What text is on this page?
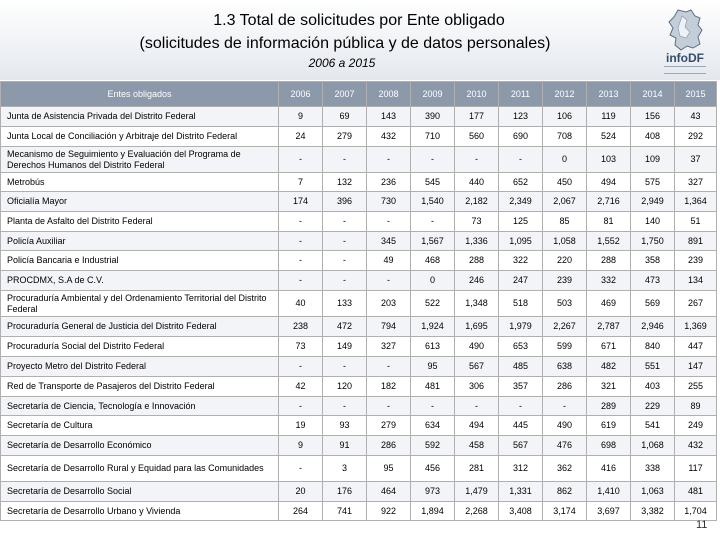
1.3 Total de solicitudes por Ente obligado
(solicitudes de información pública y de datos personales)
2006 a 2015	infoDF
Entes obligados	2006	2007	2008	2009	2010	2011	2012	2013	2014	2015
Junta de Asistencia Privada del Distrito Federal	9	69	143	390	177	123	106	119	156	43
Junta Local de Conciliación y Arbitraje del Distrito Federal	24	279	432	710	560	690	708	524	408	292
Mecanismo de Seguimiento y Evaluación del Programa de Derechos Humanos del Distrito Federal	-	-	-	-	-	-	0	103	109	37
Metrobús	7	132	236	545	440	652	450	494	575	327
Oficialía Mayor	174	396	730	1,540	2,182	2,349	2,067	2,716	2,949	1,364
Planta de Asfalto del Distrito Federal	-	-	-	-	73	125	85	81	140	51
Policía Auxiliar	-	-	345	1,567	1,336	1,095	1,058	1,552	1,750	891
Policía Bancaria e Industrial	-	-	49	468	288	322	220	288	358	239
PROCDMX, S.A de C.V.	-	-	-	0	246	247	239	332	473	134
Procuraduría Ambiental y del Ordenamiento Territorial del Distrito Federal	40	133	203	522	1,348	518	503	469	569	267
Procuraduría General de Justicia del Distrito Federal	238	472	794	1,924	1,695	1,979	2,267	2,787	2,946	1,369
Procuraduría Social del Distrito Federal	73	149	327	613	490	653	599	671	840	447
Proyecto Metro del Distrito Federal	-	-	-	95	567	485	638	482	551	147
Red de Transporte de Pasajeros del Distrito Federal	42	120	182	481	306	357	286	321	403	255
Secretaría de Ciencia, Tecnología e Innovación	-	-	-	-	-	-	-	289	229	89
Secretaría de Cultura	19	93	279	634	494	445	490	619	541	249
Secretaría de Desarrollo Económico	9	91	286	592	458	567	476	698	1,068	432
Secretaría de Desarrollo Rural y Equidad para las Comunidades	-	3	95	456	281	312	362	416	338	117
Secretaría de Desarrollo Social	20	176	464	973	1,479	1,331	862	1,410	1,063	481
Secretaría de Desarrollo Urbano y Vivienda	264	741	922	1,894	2,268	3,408	3,174	3,697	3,382	1,704
11
